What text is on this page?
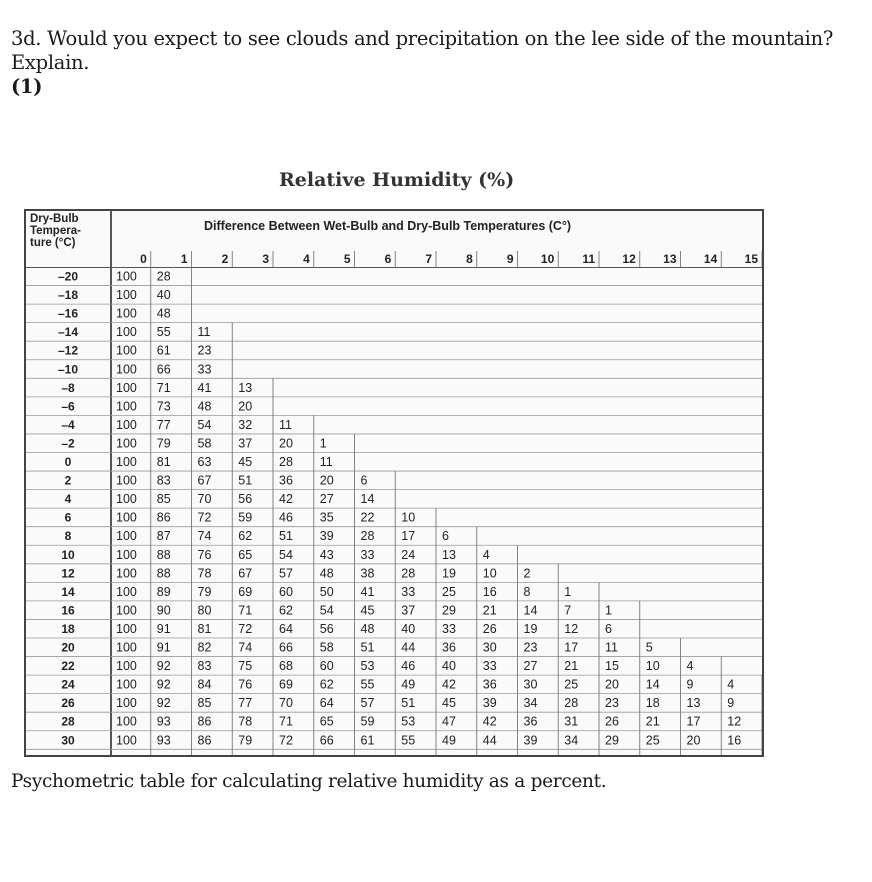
3d. Would you expect to see clouds and precipitation on the lee side of the mountain? Explain.
(1)
Relative Humidity (%)
Dry-Bulb
Tempera-
ture (°C)
Difference Between Wet-Bulb and Dry-Bulb Temperatures (C°)
0	1	2	3	4	5	6	7	8	9 10 11 12 13 14 15
–20	100 28
–18	100 40
–16	100 48
–14	100 55 11
–12	100 61 23
–10	100 66 33
–8	100 71 41 13
–6	100 73 48 20
–4	100 77 54 32 11
–2	100 79 58 37 20 1
0	100 81 63 45 28 11
2	100 83 67 51 36 20 6
4	100 85 70 56 42 27 14
6	100 86 72 59 46 35 22 10
8	100 87 74 62 51 39 28 17 6
10	100 88 76 65 54 43 33 24 13 4
12	100 88 78 67 57 48 38 28 19 10 2
14	100 89 79 69 60 50 41 33 25 16 8	1
16	100 90 80 71 62 54 45 37 29 21 14 7	1
18	100 91 81 72 64 56 48 40 33 26 19 12 6
20	100 91 82 74 66 58 51 44 36 30 23 17 11 5
22	100 92 83 75 68 60 53 46 40 33 27 21 15 10 4
24	100 92 84 76 69 62 55 49 42 36 30 25 20 14 9	4
26	100 92 85 77 70 64 57 51 45 39 34 28 23 18 13 9
28	100 93 86 78 71 65 59 53 47 42 36 31 26 21 17 12
30	100 93 86 79 72 66 61 55 49 44 39 34 29 25 20 16
Psychometric table for calculating relative humidity as a percent.
